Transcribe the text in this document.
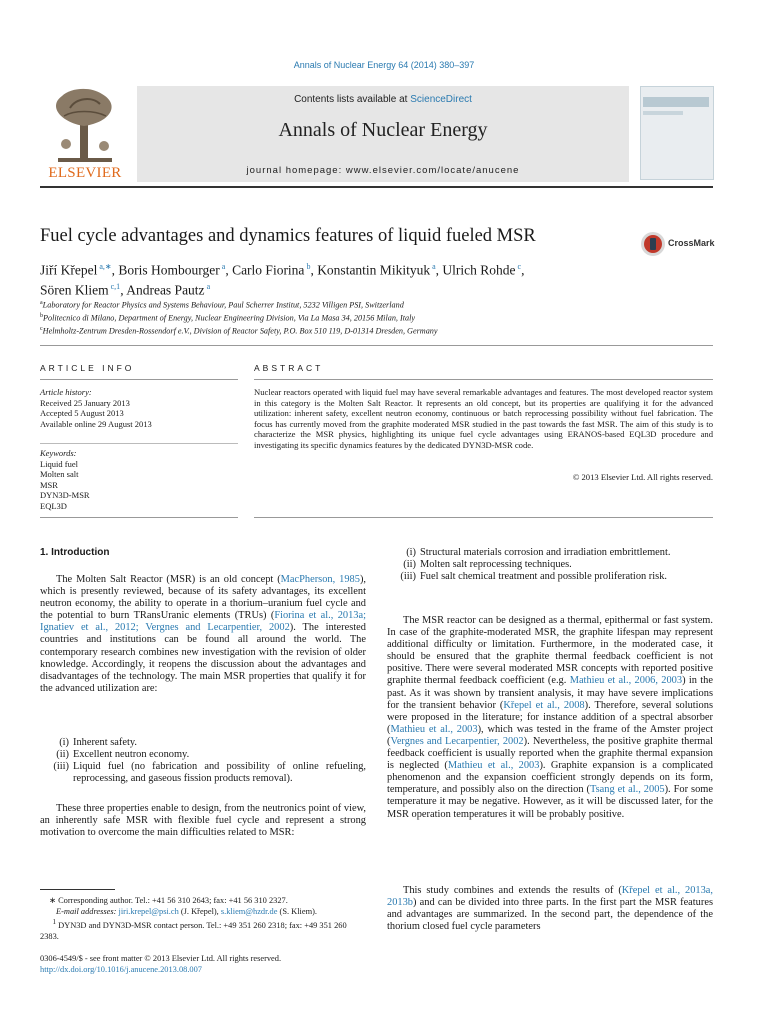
Annals of Nuclear Energy 64 (2014) 380–397
ELSEVIER
Contents lists available at ScienceDirect
Annals of Nuclear Energy
journal homepage: www.elsevier.com/locate/anucene
Fuel cycle advantages and dynamics features of liquid fueled MSR	CrossMark
Jiří Křepel $^{a,∗}$, Boris Hombourger $^a$, Carlo Fiorina $^b$, Konstantin Mikityuk $^a$, Ulrich Rohde $^c$,
Sören Kliem $^{c,1}$, Andreas Pautz $^a$
$^a$Laboratory for Reactor Physics and Systems Behaviour, Paul Scherrer Institut, 5232 Villigen PSI, Switzerland
$^b$Politecnico di Milano, Department of Energy, Nuclear Engineering Division, Via La Masa 34, 20156 Milan, Italy
$^c$Helmholtz-Zentrum Dresden-Rossendorf e.V., Division of Reactor Safety, P.O. Box 510 119, D-01314 Dresden, Germany
ARTICLE INFO	ABSTRACT
Article history:
Received 25 January 2013
Accepted 5 August 2013
Available online 29 August 2013
Keywords:
Liquid fuel
Molten salt
MSR
DYN3D-MSR
EQL3D
Nuclear reactors operated with liquid fuel may have several remarkable advantages and features. The most developed reactor system in this category is the Molten Salt Reactor. It represents an old concept, but its properties are qualifying it for the advanced utilization: inherent safety, excellent neutron economy, continuous or batch reprocessing possibility without fuel fabrication. The focus has currently moved from the graphite moderated MSR studied in the past towards the fast MSR. The aim of this study is to characterize the MSR physics, highlighting its unique fuel cycle advantages using ERANOS-based EQL3D procedure and investigating its specific dynamics features by the dedicated DYN3D-MSR code.
© 2013 Elsevier Ltd. All rights reserved.
1. Introduction
The Molten Salt Reactor (MSR) is an old concept (MacPherson, 1985), which is presently reviewed, because of its safety advantages, its excellent neutron economy, the ability to operate in a thorium–uranium fuel cycle and the potential to burn TRansUranic elements (TRUs) (Fiorina et al., 2013a; Ignatiev et al., 2012; Vergnes and Lecarpentier, 2002). The interested countries and institutions can be found all around the world. The contemporary research combines new investigation with the revision of older knowledge. Accordingly, it reopens the discussion about the advantages and disadvantages of the technology. The main MSR properties that qualify it for the advanced utilization are:
(i) Inherent safety.
(ii) Excellent neutron economy.
(iii) Liquid fuel (no fabrication and possibility of online refueling, reprocessing, and gaseous fission products removal).
These three properties enable to design, from the neutronics point of view, an inherently safe MSR with flexible fuel cycle and represent a strong motivation to overcome the main difficulties related to MSR:
∗ Corresponding author. Tel.: +41 56 310 2643; fax: +41 56 310 2327.
E-mail addresses: jiri.krepel@psi.ch (J. Křepel), s.kliem@hzdr.de (S. Kliem).
$^1$ DYN3D and DYN3D-MSR contact person. Tel.: +49 351 260 2318; fax: +49 351 260 2383.
0306-4549/$ - see front matter © 2013 Elsevier Ltd. All rights reserved.
http://dx.doi.org/10.1016/j.anucene.2013.08.007
(i) Structural materials corrosion and irradiation embrittlement.
(ii) Molten salt reprocessing techniques.
(iii) Fuel salt chemical treatment and possible proliferation risk.
The MSR reactor can be designed as a thermal, epithermal or fast system. In case of the graphite-moderated MSR, the graphite lifespan may represent additional difficulty or limitation. Furthermore, in the moderated case, it should be ensured that the graphite thermal feedback coefficient is not positive. There were several moderated MSR concepts with reported positive graphite thermal feedback coefficient (e.g. Mathieu et al., 2006, 2003) in the past. As it was shown by transient analysis, it may have severe implications for the transient behavior (Křepel et al., 2008). Therefore, several solutions were proposed in the literature; for instance addition of a spectral absorber (Mathieu et al., 2003), which was tested in the frame of the Amster project (Vergnes and Lecarpentier, 2002). Nevertheless, the positive graphite thermal feedback coefficient is usually reported when the graphite thermal expansion is neglected (Mathieu et al., 2003). Graphite expansion is a complicated phenomenon and the expansion coefficient strongly depends on its form, temperature, and possibly also on the direction (Tsang et al., 2005). For some temperature it may be negative. However, as it will be discussed later, for the MSR operation temperatures it will be probably positive.
This study combines and extends the results of (Křepel et al., 2013a, 2013b) and can be divided into three parts. In the first part the MSR features and advantages are summarized. In the second part, the dependence of the thorium closed fuel cycle parameters
